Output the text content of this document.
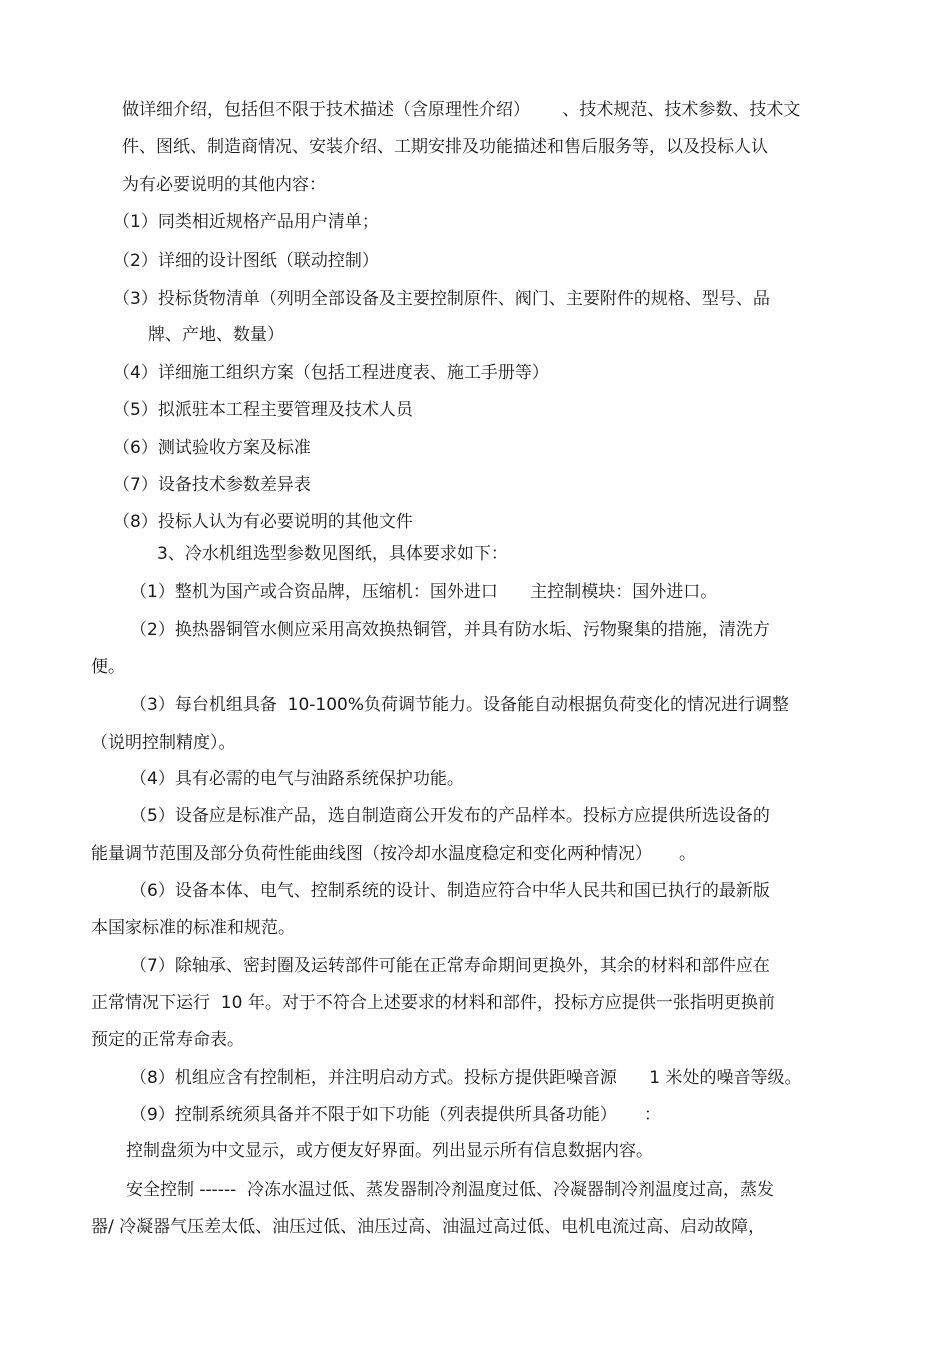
做详细介绍，包括但不限于技术描述（含原理性介绍）      、技术规范、技术参数、技术文

件、图纸、制造商情况、安装介绍、工期安排及功能描述和售后服务等，以及投标人认

为有必要说明的其他内容：

（1）同类相近规格产品用户清单；

（2）详细的设计图纸（联动控制）

（3）投标货物清单（列明全部设备及主要控制原件、阀门、主要附件的规格、型号、品

牌、产地、数量）

（4）详细施工组织方案（包括工程进度表、施工手册等）

（5）拟派驻本工程主要管理及技术人员

（6）测试验收方案及标准

（7）设备技术参数差异表

（8）投标人认为有必要说明的其他文件

3、冷水机组选型参数见图纸，具体要求如下：

（1）整机为国产或合资品牌，压缩机：国外进口      主控制模块：国外进口。

（2）换热器铜管水侧应采用高效换热铜管，并具有防水垢、污物聚集的措施，清洗方

便。

（3）每台机组具备  10-100%负荷调节能力。设备能自动根据负荷变化的情况进行调整

（说明控制精度）。

（4）具有必需的电气与油路系统保护功能。

（5）设备应是标准产品，选自制造商公开发布的产品样本。投标方应提供所选设备的

能量调节范围及部分负荷性能曲线图（按冷却水温度稳定和变化两种情况）     。

（6）设备本体、电气、控制系统的设计、制造应符合中华人民共和国已执行的最新版

本国家标准的标准和规范。

（7）除轴承、密封圈及运转部件可能在正常寿命期间更换外，其余的材料和部件应在

正常情况下运行  10 年。对于不符合上述要求的材料和部件，投标方应提供一张指明更换前

预定的正常寿命表。

（8）机组应含有控制柜，并注明启动方式。投标方提供距噪音源      1 米处的噪音等级。

（9）控制系统须具备并不限于如下功能（列表提供所具备功能）     ：

控制盘须为中文显示，或方便友好界面。列出显示所有信息数据内容。

安全控制 ------  冷冻水温过低、蒸发器制冷剂温度过低、冷凝器制冷剂温度过高，蒸发

器/ 冷凝器气压差太低、油压过低、油压过高、油温过高过低、电机电流过高、启动故障，
